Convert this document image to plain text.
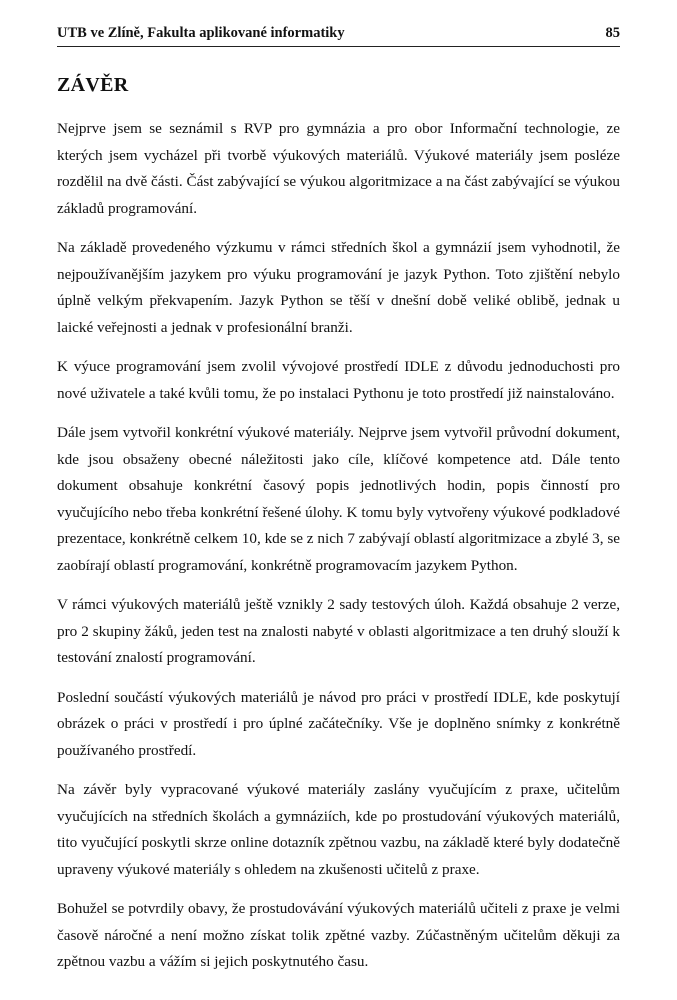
UTB ve Zlíně, Fakulta aplikované informatiky	85
ZÁVĚR

Nejprve jsem se seznámil s RVP pro gymnázia a pro obor Informační technologie, ze kterých jsem vycházel při tvorbě výukových materiálů. Výukové materiály jsem posléze rozdělil na dvě části. Část zabývající se výukou algoritmizace a na část zabývající se výukou základů programování.

Na základě provedeného výzkumu v rámci středních škol a gymnázií jsem vyhodnotil, že nejpoužívanějším jazykem pro výuku programování je jazyk Python. Toto zjištění nebylo úplně velkým překvapením. Jazyk Python se těší v dnešní době veliké oblibě, jednak u laické veřejnosti a jednak v profesionální branži.

K výuce programování jsem zvolil vývojové prostředí IDLE z důvodu jednoduchosti pro nové uživatele a také kvůli tomu, že po instalaci Pythonu je toto prostředí již nainstalováno.

Dále jsem vytvořil konkrétní výukové materiály. Nejprve jsem vytvořil průvodní dokument, kde jsou obsaženy obecné náležitosti jako cíle, klíčové kompetence atd. Dále tento dokument obsahuje konkrétní časový popis jednotlivých hodin, popis činností pro vyučujícího nebo třeba konkrétní řešené úlohy. K tomu byly vytvořeny výukové podkladové prezentace, konkrétně celkem 10, kde se z nich 7 zabývají oblastí algoritmizace a zbylé 3, se zaobírají oblastí programování, konkrétně programovacím jazykem Python.

V rámci výukových materiálů ještě vznikly 2 sady testových úloh. Každá obsahuje 2 verze, pro 2 skupiny žáků, jeden test na znalosti nabyté v oblasti algoritmizace a ten druhý slouží k testování znalostí programování.

Poslední součástí výukových materiálů je návod pro práci v prostředí IDLE, kde poskytují obrázek o práci v prostředí i pro úplné začátečníky. Vše je doplněno snímky z konkrétně používaného prostředí.

Na závěr byly vypracované výukové materiály zaslány vyučujícím z praxe, učitelům vyučujících na středních školách a gymnáziích, kde po prostudování výukových materiálů, tito vyučující poskytli skrze online dotazník zpětnou vazbu, na základě které byly dodatečně upraveny výukové materiály s ohledem na zkušenosti učitelů z praxe.

Bohužel se potvrdily obavy, že prostudovávání výukových materiálů učiteli z praxe je velmi časově náročné a není možno získat tolik zpětné vazby. Zúčastněným učitelům děkuji za zpětnou vazbu a vážím si jejich poskytnutého času.
